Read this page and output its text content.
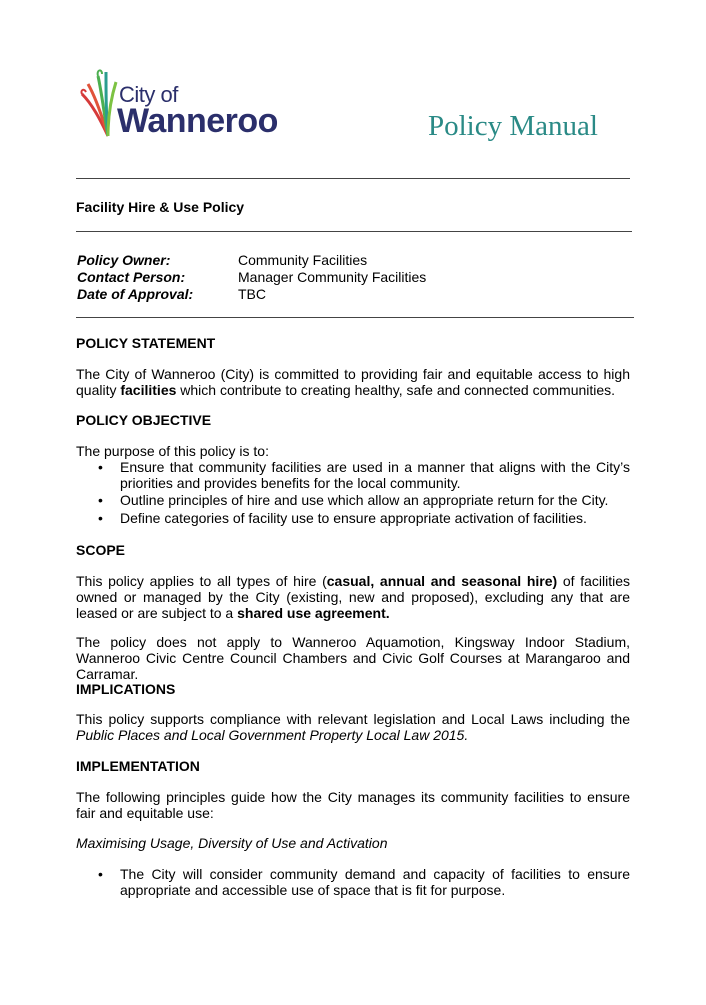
City of
Wanneroo	Policy Manual
Facility Hire & Use Policy
Policy Owner:	Community Facilities
Contact Person:	Manager Community Facilities
Date of Approval:	TBC
POLICY STATEMENT
The City of Wanneroo (City) is committed to providing fair and equitable access to high quality facilities which contribute to creating healthy, safe and connected communities.
POLICY OBJECTIVE
The purpose of this policy is to:
• Ensure that community facilities are used in a manner that aligns with the City’s priorities and provides benefits for the local community.
• Outline principles of hire and use which allow an appropriate return for the City.
• Define categories of facility use to ensure appropriate activation of facilities.
SCOPE
This policy applies to all types of hire (casual, annual and seasonal hire) of facilities owned or managed by the City (existing, new and proposed), excluding any that are leased or are subject to a shared use agreement.
The policy does not apply to Wanneroo Aquamotion, Kingsway Indoor Stadium, Wanneroo Civic Centre Council Chambers and Civic Golf Courses at Marangaroo and Carramar.
IMPLICATIONS
This policy supports compliance with relevant legislation and Local Laws including the Public Places and Local Government Property Local Law 2015.
IMPLEMENTATION
The following principles guide how the City manages its community facilities to ensure fair and equitable use:
Maximising Usage, Diversity of Use and Activation
• The City will consider community demand and capacity of facilities to ensure appropriate and accessible use of space that is fit for purpose.
